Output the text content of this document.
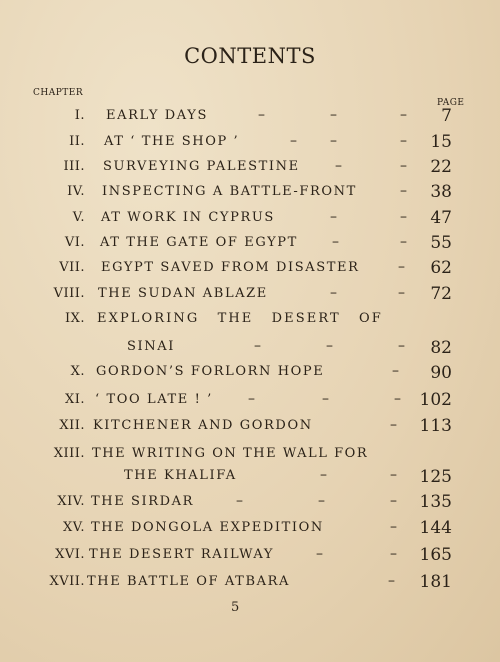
CONTENTS
CHAPTER
PAGE
I. EARLY DAYS	–	–	– 7
II. AT ‘ THE SHOP ’	– –	– 15
III. SURVEYING PALESTINE	–	– 22
IV. INSPECTING A BATTLE-FRONT	– 38
V. AT WORK IN CYPRUS	–	– 47
VI. AT THE GATE OF EGYPT –	– 55
VII. EGYPT SAVED FROM DISASTER	– 62
VIII. THE SUDAN ABLAZE	–	– 72
IX. EXPLORING THE DESERT OF
SINAI	–	–	– 82
X. GORDON’S FORLORN HOPE	– 90
XI. ‘ TOO LATE ! ’	–	–	– 102
XII. KITCHENER AND GORDON	– 113
XIII. THE WRITING ON THE WALL FOR
THE KHALIFA	–	– 125
XIV. THE SIRDAR	–	–	– 135
XV. THE DONGOLA EXPEDITION	– 144
XVI. THE DESERT RAILWAY	–	– 165
XVII. THE BATTLE OF ATBARA	– 181
5
